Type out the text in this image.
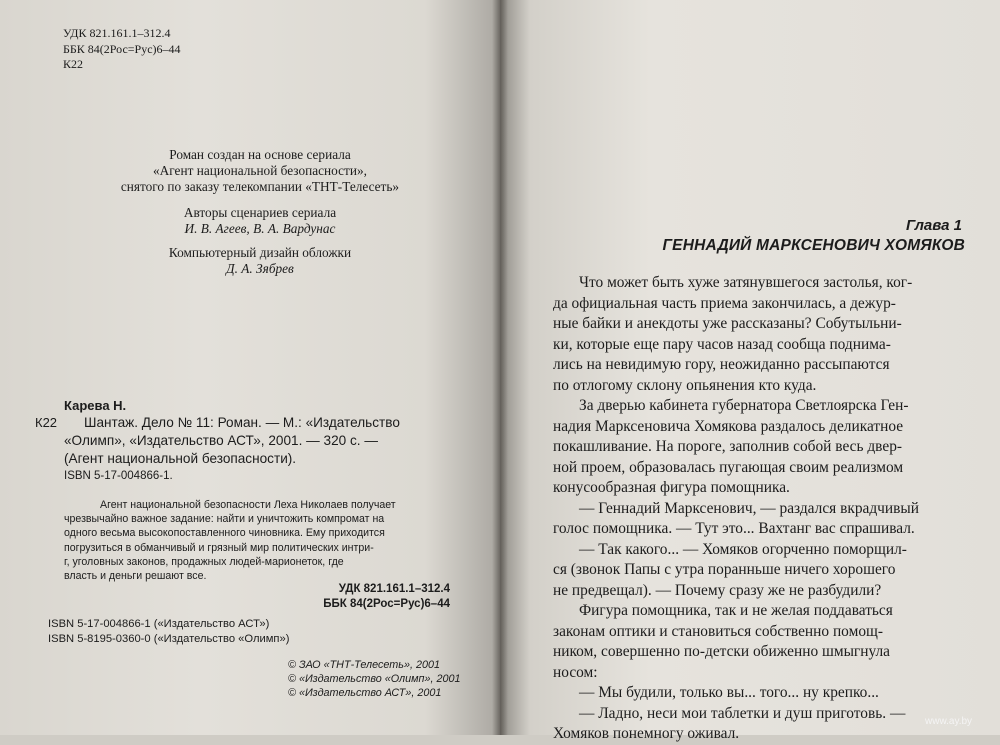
УДК 821.161.1–312.4
ББК 84(2Рос=Рус)6–44
К22
Роман создан на основе сериала
«Агент национальной безопасности»,
снятого по заказу телекомпании «ТНТ-Телесеть»
Авторы сценариев сериала
И. В. Агеев, В. А. Вардунас
Компьютерный дизайн обложки
Д. А. Зябрев
Карева Н.
К22	Шантаж. Дело № 11: Роман. — М.: «Издательство
«Олимп», «Издательство АСТ», 2001. — 320 с. —
(Агент национальной безопасности).
ISBN 5-17-004866-1.
Агент национальной безопасности Леха Николаев получает
чрезвычайно важное задание: найти и уничтожить компромат на
одного весьма высокопоставленного чиновника. Ему приходится
погрузиться в обманчивый и грязный мир политических интри-
г, уголовных законов, продажных людей-марионеток, где
власть и деньги решают все.
УДК 821.161.1–312.4
ББК 84(2Рос=Рус)6–44
ISBN 5-17-004866-1 («Издательство АСТ»)
ISBN 5-8195-0360-0 («Издательство «Олимп»)
© ЗАО «ТНТ-Телесеть», 2001
© «Издательство «Олимп», 2001
© «Издательство АСТ», 2001
Глава 1
ГЕННАДИЙ МАРКСЕНОВИЧ ХОМЯКОВ
Что может быть хуже затянувшегося застолья, ког-
да официальная часть приема закончилась, а дежур-
ные байки и анекдоты уже рассказаны? Собутыльни-
ки, которые еще пару часов назад сообща поднима-
лись на невидимую гору, неожиданно рассыпаются
по отлогому склону опьянения кто куда.
За дверью кабинета губернатора Светлоярска Ген-
надия Марксеновича Хомякова раздалось деликатное
покашливание. На пороге, заполнив собой весь двер-
ной проем, образовалась пугающая своим реализмом
конусообразная фигура помощника.
— Геннадий Марксенович, — раздался вкрадчивый
голос помощника. — Тут это... Вахтанг вас спрашивал.
— Так какого... — Хомяков огорченно поморщил-
ся (звонок Папы с утра поранньше ничего хорошего
не предвещал). — Почему сразу же не разбудили?
Фигура помощника, так и не желая поддаваться
законам оптики и становиться собственно помощ-
ником, совершенно по-детски обиженно шмыгнула
носом:
— Мы будили, только вы... того... ну крепко...
— Ладно, неси мои таблетки и душ приготовь. —
Хомяков понемногу оживал.
www.ay.by
